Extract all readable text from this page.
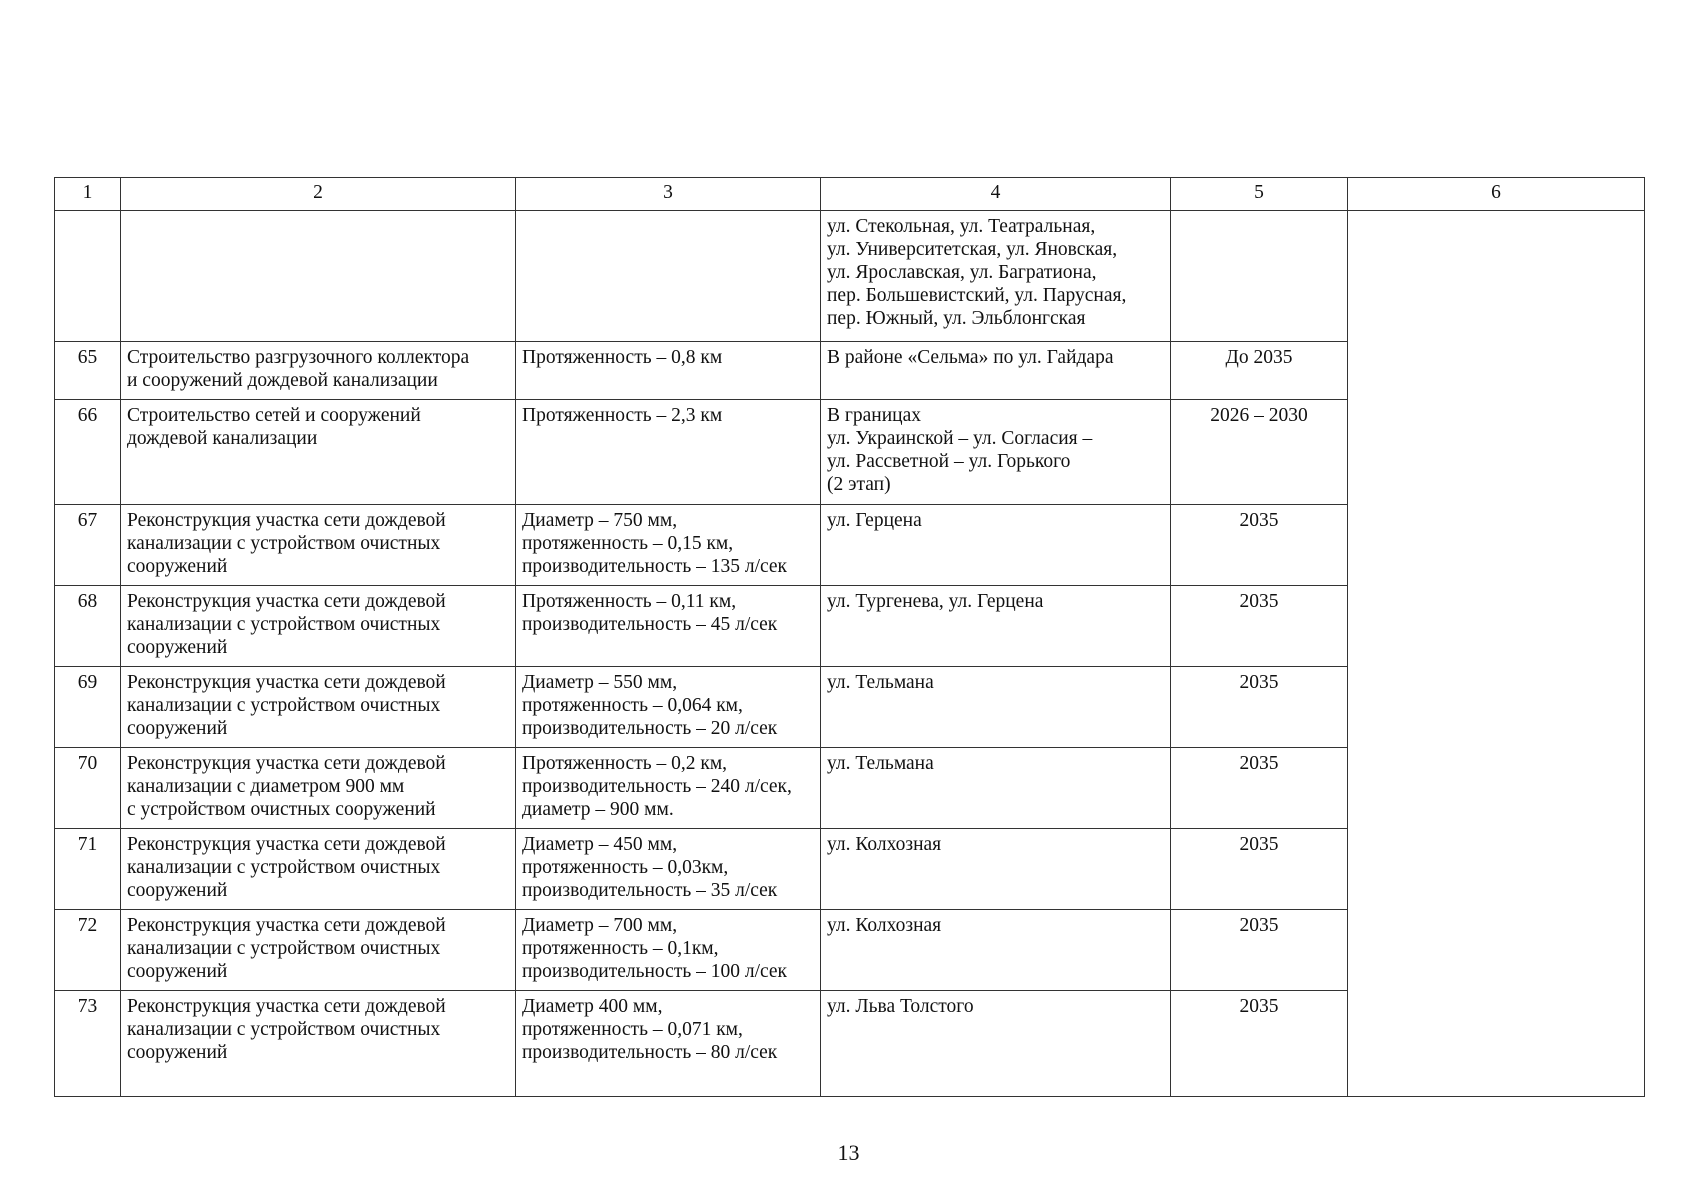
1	2	3	4	5	6
			ул. Стекольная, ул. Театральная,
ул. Университетская, ул. Яновская,
ул. Ярославская, ул. Багратиона,
пер. Большевистский, ул. Парусная,
пер. Южный, ул. Эльблонгская		
65	Строительство разгрузочного коллектора
и сооружений дождевой канализации	Протяженность – 0,8 км	В районе «Сельма» по ул. Гайдара	До 2035	
66	Строительство сетей и сооружений
дождевой канализации	Протяженность – 2,3 км	В границах
ул. Украинской – ул. Согласия –
ул. Рассветной – ул. Горького
(2 этап)	2026 – 2030	
67	Реконструкция участка сети дождевой
канализации с устройством очистных
сооружений	Диаметр – 750 мм,
протяженность – 0,15 км,
производительность – 135 л/сек	ул. Герцена	2035	
68	Реконструкция участка сети дождевой
канализации с устройством очистных
сооружений	Протяженность – 0,11 км,
производительность – 45 л/сек	ул. Тургенева, ул. Герцена	2035	
69	Реконструкция участка сети дождевой
канализации с устройством очистных
сооружений	Диаметр – 550 мм,
протяженность – 0,064 км,
производительность – 20 л/сек	ул. Тельмана	2035	
70	Реконструкция участка сети дождевой
канализации с диаметром 900 мм
с устройством очистных сооружений	Протяженность – 0,2 км,
производительность – 240 л/сек,
диаметр – 900 мм.	ул. Тельмана	2035	
71	Реконструкция участка сети дождевой
канализации с устройством очистных
сооружений	Диаметр – 450 мм,
протяженность – 0,03км,
производительность – 35 л/сек	ул. Колхозная	2035	
72	Реконструкция участка сети дождевой
канализации с устройством очистных
сооружений	Диаметр – 700 мм,
протяженность – 0,1км,
производительность – 100 л/сек	ул. Колхозная	2035	
73	Реконструкция участка сети дождевой
канализации с устройством очистных
сооружений	Диаметр 400 мм,
протяженность – 0,071 км,
производительность – 80 л/сек	ул. Льва Толстого	2035	
13
